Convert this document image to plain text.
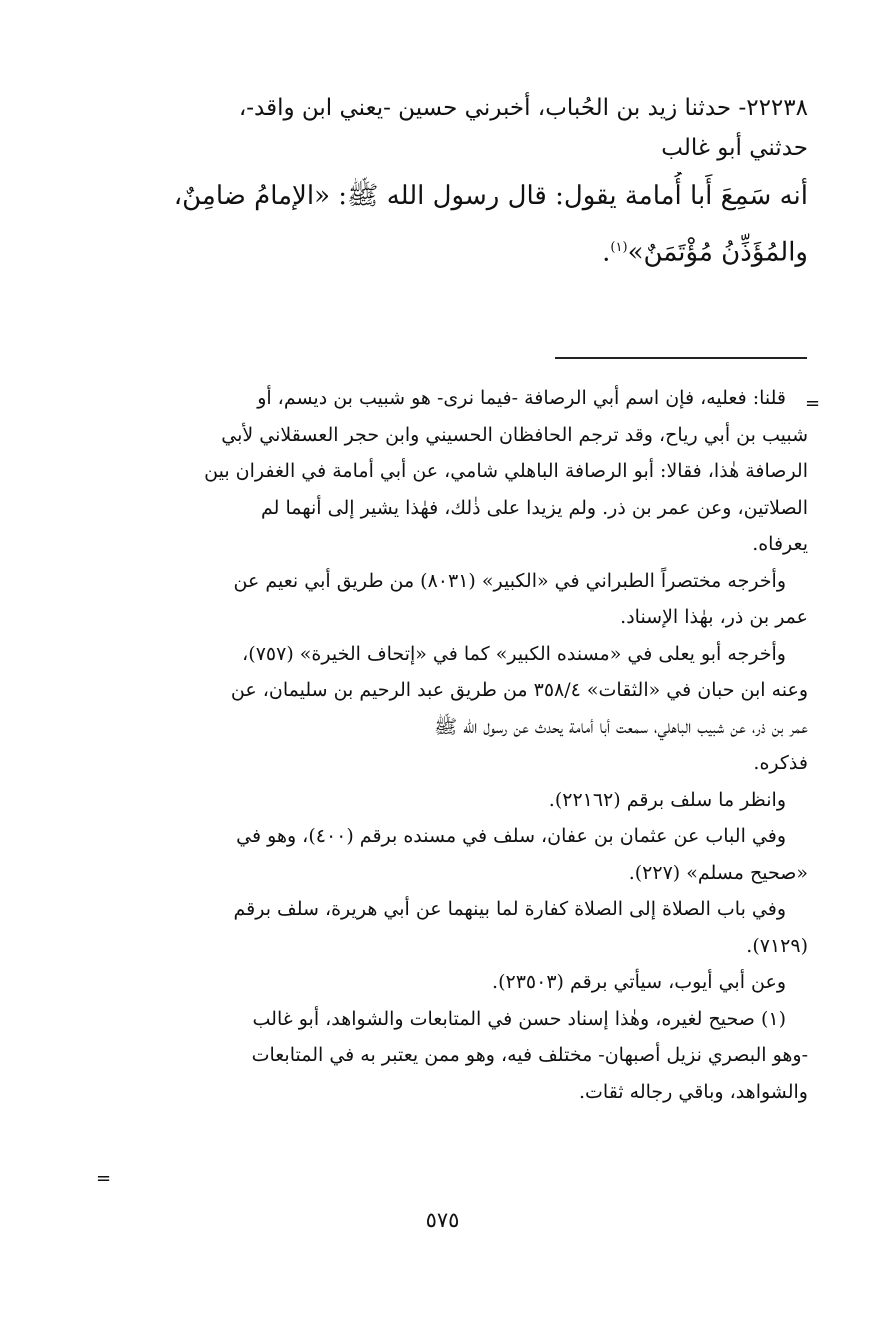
٢٢٢٣٨- حدثنا زيد بن الحُباب، أخبرني حسين -يعني ابن واقد-،
حدثني أبو غالب
أنه سَمِعَ أَبا أُمامة يقول: قال رسول الله ﷺ: «الإمامُ ضامِنٌ،
والمُؤَذِّنُ مُؤْتَمَنٌ»$^{(١)}$.
=
قلنا: فعليه، فإن اسم أبي الرصافة -فيما نرى- هو شبيب بن ديسم، أو
شبيب بن أبي رياح، وقد ترجم الحافظان الحسيني وابن حجر العسقلاني لأبي
الرصافة هٰذا، فقالا: أبو الرصافة الباهلي شامي، عن أبي أمامة في الغفران بين
الصلاتين، وعن عمر بن ذر. ولم يزيدا على ذٰلك، فهٰذا يشير إلى أنهما لم
يعرفاه.
وأخرجه مختصراً الطبراني في «الكبير» (٨٠٣١) من طريق أبي نعيم عن
عمر بن ذر، بهٰذا الإسناد.
وأخرجه أبو يعلى في «مسنده الكبير» كما في «إتحاف الخيرة» (٧٥٧)،
وعنه ابن حبان في «الثقات» ٣٥٨/٤ من طريق عبد الرحيم بن سليمان، عن
عمر بن ذر، عن شبيب الباهلي، سمعت أبا أمامة يحدث عن رسول الله ﷺ
فذكره.
وانظر ما سلف برقم (٢٢١٦٢).
وفي الباب عن عثمان بن عفان، سلف في مسنده برقم (٤٠٠)، وهو في
«صحيح مسلم» (٢٢٧).
وفي باب الصلاة إلى الصلاة كفارة لما بينهما عن أبي هريرة، سلف برقم
(٧١٢٩).
وعن أبي أيوب، سيأتي برقم (٢٣٥٠٣).
(١) صحيح لغيره، وهٰذا إسناد حسن في المتابعات والشواهد، أبو غالب
-وهو البصري نزيل أصبهان- مختلف فيه، وهو ممن يعتبر به في المتابعات
والشواهد، وباقي رجاله ثقات.
=
٥٧٥
